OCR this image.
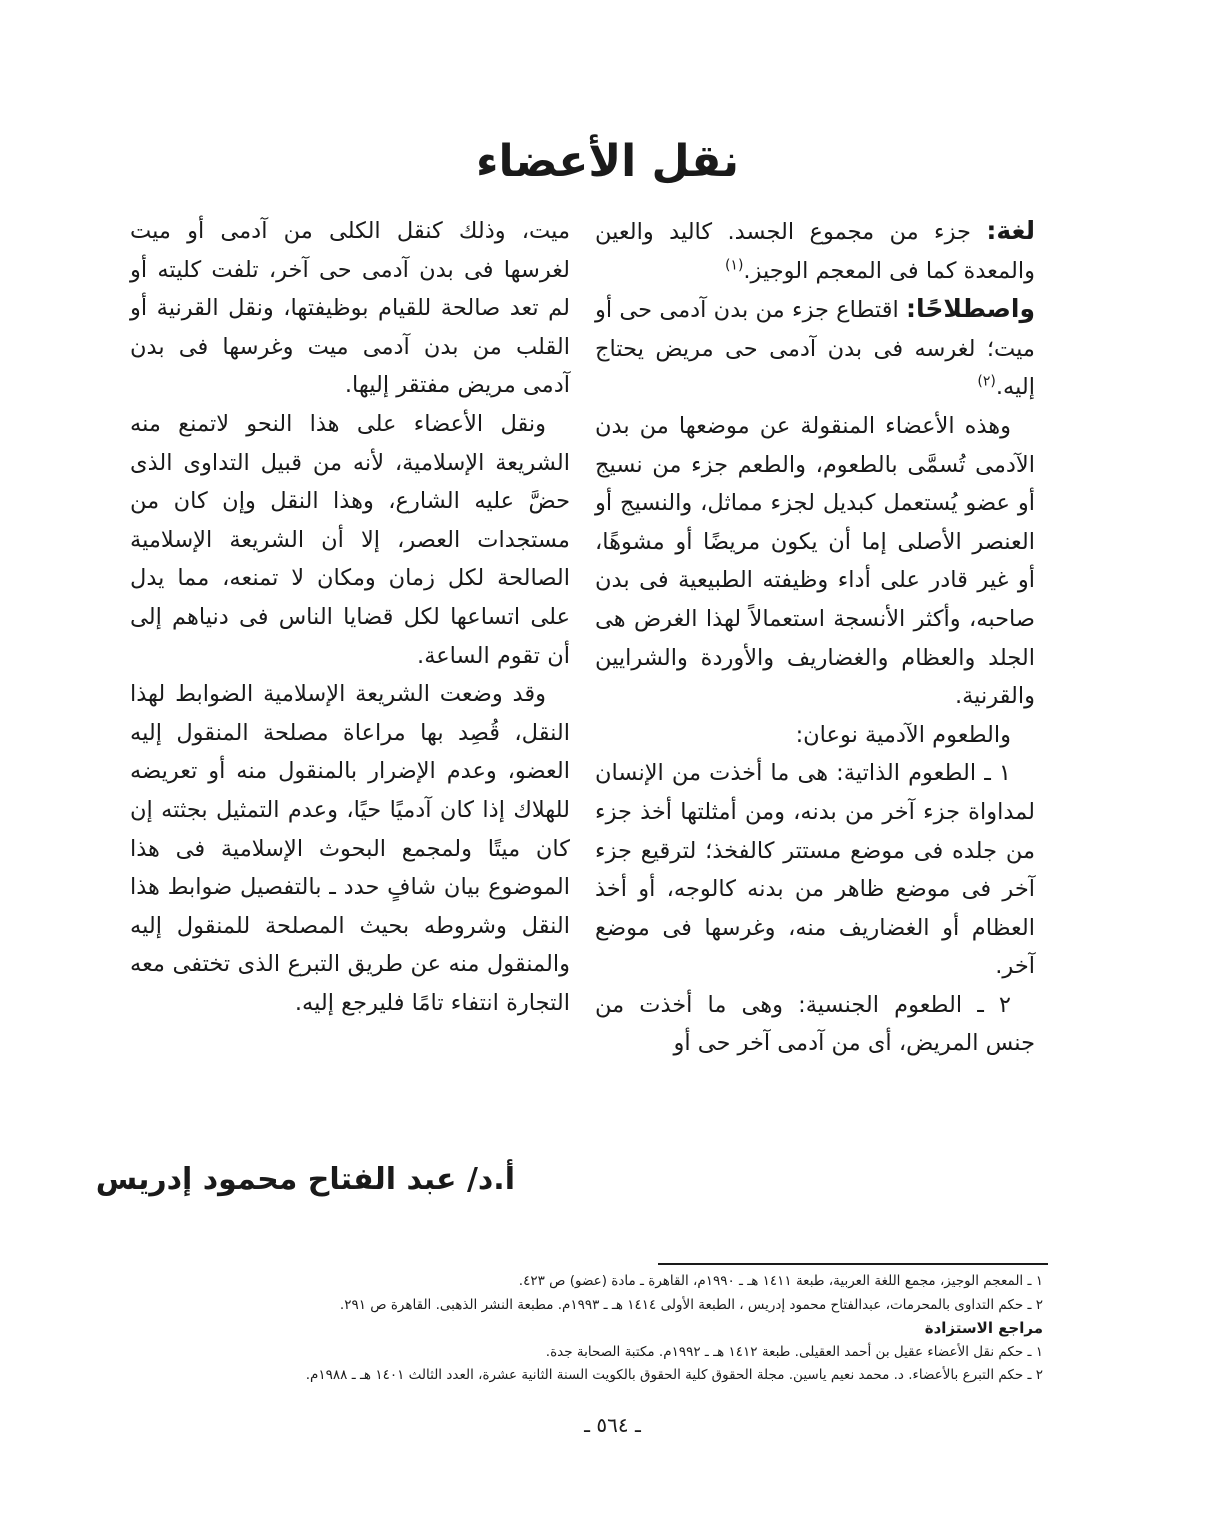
نقل الأعضاء

لغة: جزء من مجموع الجسد. كاليد والعين والمعدة كما فى المعجم الوجيز.$^{(١)}$

واصطلاحًا: اقتطاع جزء من بدن آدمى حى أو ميت؛ لغرسه فى بدن آدمى حى مريض يحتاج إليه.$^{(٢)}$

وهذه الأعضاء المنقولة عن موضعها من بدن الآدمى تُسمَّى بالطعوم، والطعم جزء من نسيج أو عضو يُستعمل كبديل لجزء مماثل، والنسيج أو العنصر الأصلى إما أن يكون مريضًا أو مشوهًا، أو غير قادر على أداء وظيفته الطبيعية فى بدن صاحبه، وأكثر الأنسجة استعمالاً لهذا الغرض هى الجلد والعظام والغضاريف والأوردة والشرايين والقرنية.

والطعوم الآدمية نوعان:

١ ـ الطعوم الذاتية: هى ما أخذت من الإنسان لمداواة جزء آخر من بدنه، ومن أمثلتها أخذ جزء من جلده فى موضع مستتر كالفخذ؛ لترقيع جزء آخر فى موضع ظاهر من بدنه كالوجه، أو أخذ العظام أو الغضاريف منه، وغرسها فى موضع آخر.

٢ ـ الطعوم الجنسية: وهى ما أخذت من جنس المريض، أى من آدمى آخر حى أو

ميت، وذلك كنقل الكلى من آدمى أو ميت لغرسها فى بدن آدمى حى آخر، تلفت كليته أو لم تعد صالحة للقيام بوظيفتها، ونقل القرنية أو القلب من بدن آدمى ميت وغرسها فى بدن آدمى مريض مفتقر إليها.

ونقل الأعضاء على هذا النحو لاتمنع منه الشريعة الإسلامية، لأنه من قبيل التداوى الذى حضَّ عليه الشارع، وهذا النقل وإن كان من مستجدات العصر، إلا أن الشريعة الإسلامية الصالحة لكل زمان ومكان لا تمنعه، مما يدل على اتساعها لكل قضايا الناس فى دنياهم إلى أن تقوم الساعة.

وقد وضعت الشريعة الإسلامية الضوابط لهذا النقل، قُصِد بها مراعاة مصلحة المنقول إليه العضو، وعدم الإضرار بالمنقول منه أو تعريضه للهلاك إذا كان آدميًا حيًا، وعدم التمثيل بجثته إن كان ميتًا ولمجمع البحوث الإسلامية فى هذا الموضوع بيان شافٍ حدد ـ بالتفصيل ضوابط هذا النقل وشروطه بحيث المصلحة للمنقول إليه والمنقول منه عن طريق التبرع الذى تختفى معه التجارة انتفاء تامًا فليرجع إليه.

أ.د/ عبد الفتاح محمود إدريس
١ ـ المعجم الوجيز، مجمع اللغة العربية، طبعة ١٤١١ هـ ـ ١٩٩٠م، القاهرة ـ مادة (عضو) ص ٤٢٣.
٢ ـ حكم التداوى بالمحرمات، عبدالفتاح محمود إدريس ، الطبعة الأولى ١٤١٤ هـ ـ ١٩٩٣م. مطبعة النشر الذهبى. القاهرة ص ٢٩١.
مراجع الاستزادة
١ ـ حكم نقل الأعضاء عقيل بن أحمد العقيلى. طبعة ١٤١٢ هـ ـ ١٩٩٢م. مكتبة الصحابة جدة.
٢ ـ حكم التبرع بالأعضاء. د. محمد نعيم ياسين. مجلة الحقوق كلية الحقوق بالكويت السنة الثانية عشرة، العدد الثالث ١٤٠١ هـ ـ ١٩٨٨م.
ـ ٥٦٤ ـ
